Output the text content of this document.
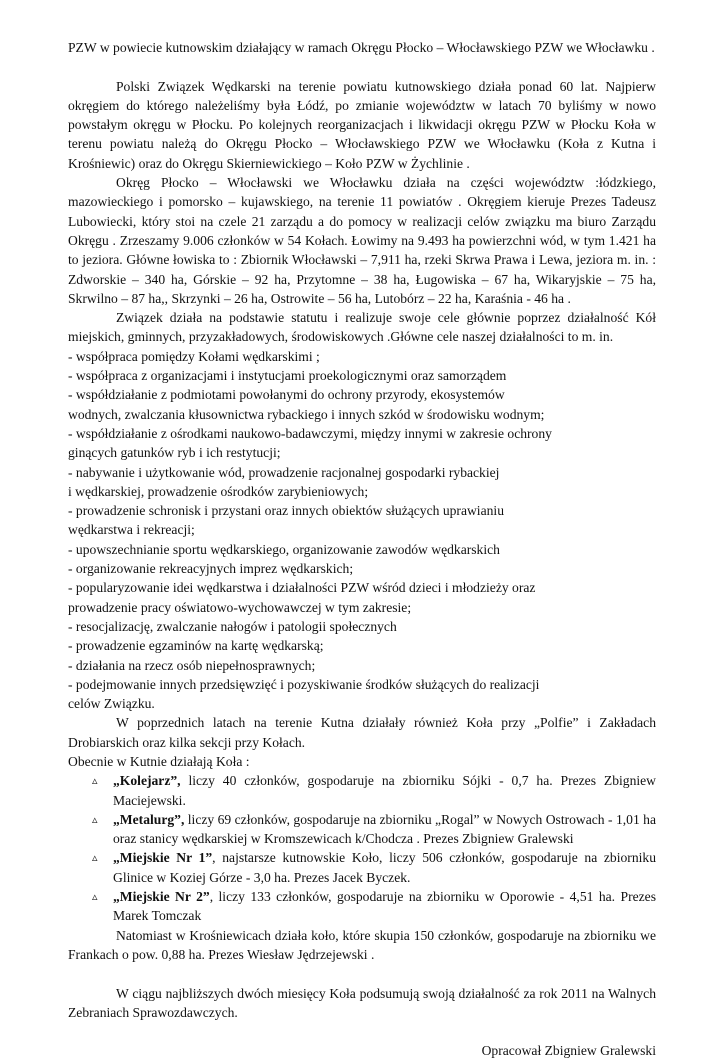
PZW w powiecie kutnowskim działający w ramach Okręgu Płocko – Włocławskiego PZW we Włocławku .

Polski Związek Wędkarski na terenie powiatu kutnowskiego działa ponad 60 lat. Najpierw okręgiem do którego należeliśmy była Łódź, po zmianie województw w latach 70 byliśmy w nowo powstałym okręgu w Płocku. Po kolejnych reorganizacjach i likwidacji okręgu PZW w Płocku Koła w terenu powiatu należą do Okręgu Płocko – Włocławskiego PZW we Włocławku (Koła z Kutna i Krośniewic) oraz do Okręgu Skierniewickiego – Koło PZW w Żychlinie .

Okręg Płocko – Włocławski we Włocławku działa na części województw :łódzkiego, mazowieckiego i pomorsko – kujawskiego, na terenie 11 powiatów . Okręgiem kieruje Prezes Tadeusz Lubowiecki, który stoi na czele 21 zarządu a do pomocy w realizacji celów związku ma biuro Zarządu Okręgu . Zrzeszamy 9.006 członków w 54 Kołach. Łowimy na 9.493 ha powierzchni wód, w tym 1.421 ha to jeziora. Główne łowiska to : Zbiornik Włocławski – 7,911 ha, rzeki Skrwa Prawa i Lewa, jeziora m. in. : Zdworskie – 340 ha, Górskie – 92 ha, Przytomne – 38 ha, Ługowiska – 67 ha, Wikaryjskie – 75 ha, Skrwilno – 87 ha,, Skrzynki – 26 ha, Ostrowite – 56 ha, Lutobórz – 22 ha, Karaśnia - 46 ha .

Związek działa na podstawie statutu i realizuje swoje cele głównie poprzez działalność Kół miejskich, gminnych, przyzakładowych, środowiskowych .Główne cele naszej działalności to m. in.

- współpraca pomiędzy Kołami wędkarskimi ;

- współpraca z organizacjami i instytucjami proekologicznymi oraz samorządem

- współdziałanie z podmiotami powołanymi do ochrony przyrody, ekosystemów

wodnych, zwalczania kłusownictwa rybackiego i innych szkód w środowisku wodnym;

- współdziałanie z ośrodkami naukowo-badawczymi, między innymi w zakresie ochrony

ginących gatunków ryb i ich restytucji;

- nabywanie i użytkowanie wód, prowadzenie racjonalnej gospodarki rybackiej

i wędkarskiej, prowadzenie ośrodków zarybieniowych;

- prowadzenie schronisk i przystani oraz innych obiektów służących uprawianiu

wędkarstwa i rekreacji;

- upowszechnianie sportu wędkarskiego, organizowanie zawodów wędkarskich

- organizowanie rekreacyjnych imprez wędkarskich;

- popularyzowanie idei wędkarstwa i działalności PZW wśród dzieci i młodzieży oraz

prowadzenie pracy oświatowo-wychowawczej w tym zakresie;

- resocjalizację, zwalczanie nałogów i patologii społecznych

- prowadzenie egzaminów na kartę wędkarską;

- działania na rzecz osób niepełnosprawnych;

- podejmowanie innych przedsięwzięć i pozyskiwanie środków służących do realizacji

celów Związku.

W poprzednich latach na terenie Kutna działały również Koła przy „Polfie” i Zakładach Drobiarskich oraz kilka sekcji przy Kołach.

Obecnie w Kutnie działają Koła :

▵ „Kolejarz”, liczy 40 członków, gospodaruje na zbiorniku Sójki - 0,7 ha. Prezes Zbigniew Maciejewski.
▵ „Metalurg”, liczy 69 członków, gospodaruje na zbiorniku „Rogal” w Nowych Ostrowach - 1,01 ha oraz stanicy wędkarskiej w Kromszewicach k/Chodcza . Prezes Zbigniew Gralewski
▵ „Miejskie Nr 1”, najstarsze kutnowskie Koło, liczy 506 członków, gospodaruje na zbiorniku Glinice w Koziej Górze - 3,0 ha. Prezes Jacek Byczek.
▵ „Miejskie Nr 2”, liczy 133 członków, gospodaruje na zbiorniku w Oporowie - 4,51 ha. Prezes Marek Tomczak

Natomiast w Krośniewicach działa koło, które skupia 150 członków, gospodaruje na zbiorniku we Frankach o pow. 0,88 ha. Prezes Wiesław Jędrzejewski .

W ciągu najbliższych dwóch miesięcy Koła podsumują swoją działalność za rok 2011 na Walnych Zebraniach Sprawozdawczych.

Opracował Zbigniew Gralewski
